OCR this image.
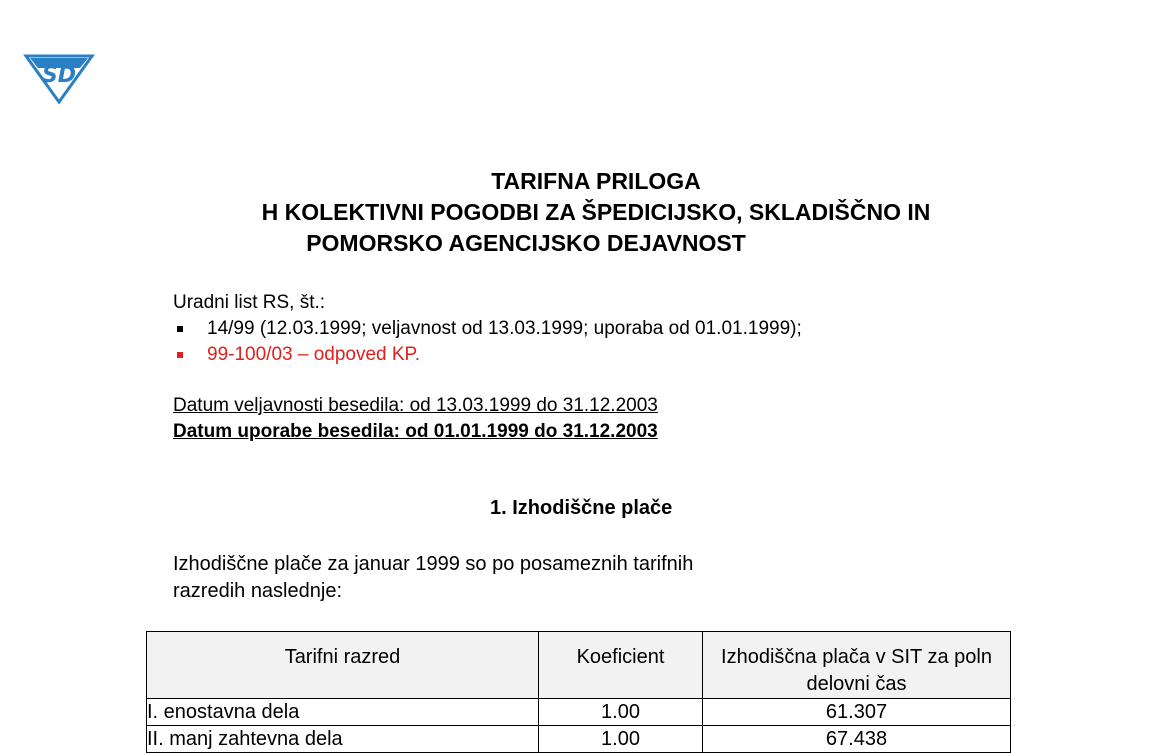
SD
TARIFNA PRILOGA
H KOLEKTIVNI POGODBI ZA ŠPEDICIJSKO, SKLADIŠČNO IN
POMORSKO AGENCIJSKO DEJAVNOST
Uradni list RS, št.:
14/99 (12.03.1999; veljavnost od 13.03.1999; uporaba od 01.01.1999);
99-100/03 – odpoved KP.
Datum veljavnosti besedila: od 13.03.1999 do 31.12.2003
Datum uporabe besedila: od 01.01.1999 do 31.12.2003
1. Izhodiščne plače
Izhodiščne plače za januar 1999 so po posameznih tarifnih
razredih naslednje:
Tarifni razred	Koeficient	Izhodiščna plača v SIT za poln delovni čas
I. enostavna dela	1.00	61.307
II. manj zahtevna dela	1.00	67.438
